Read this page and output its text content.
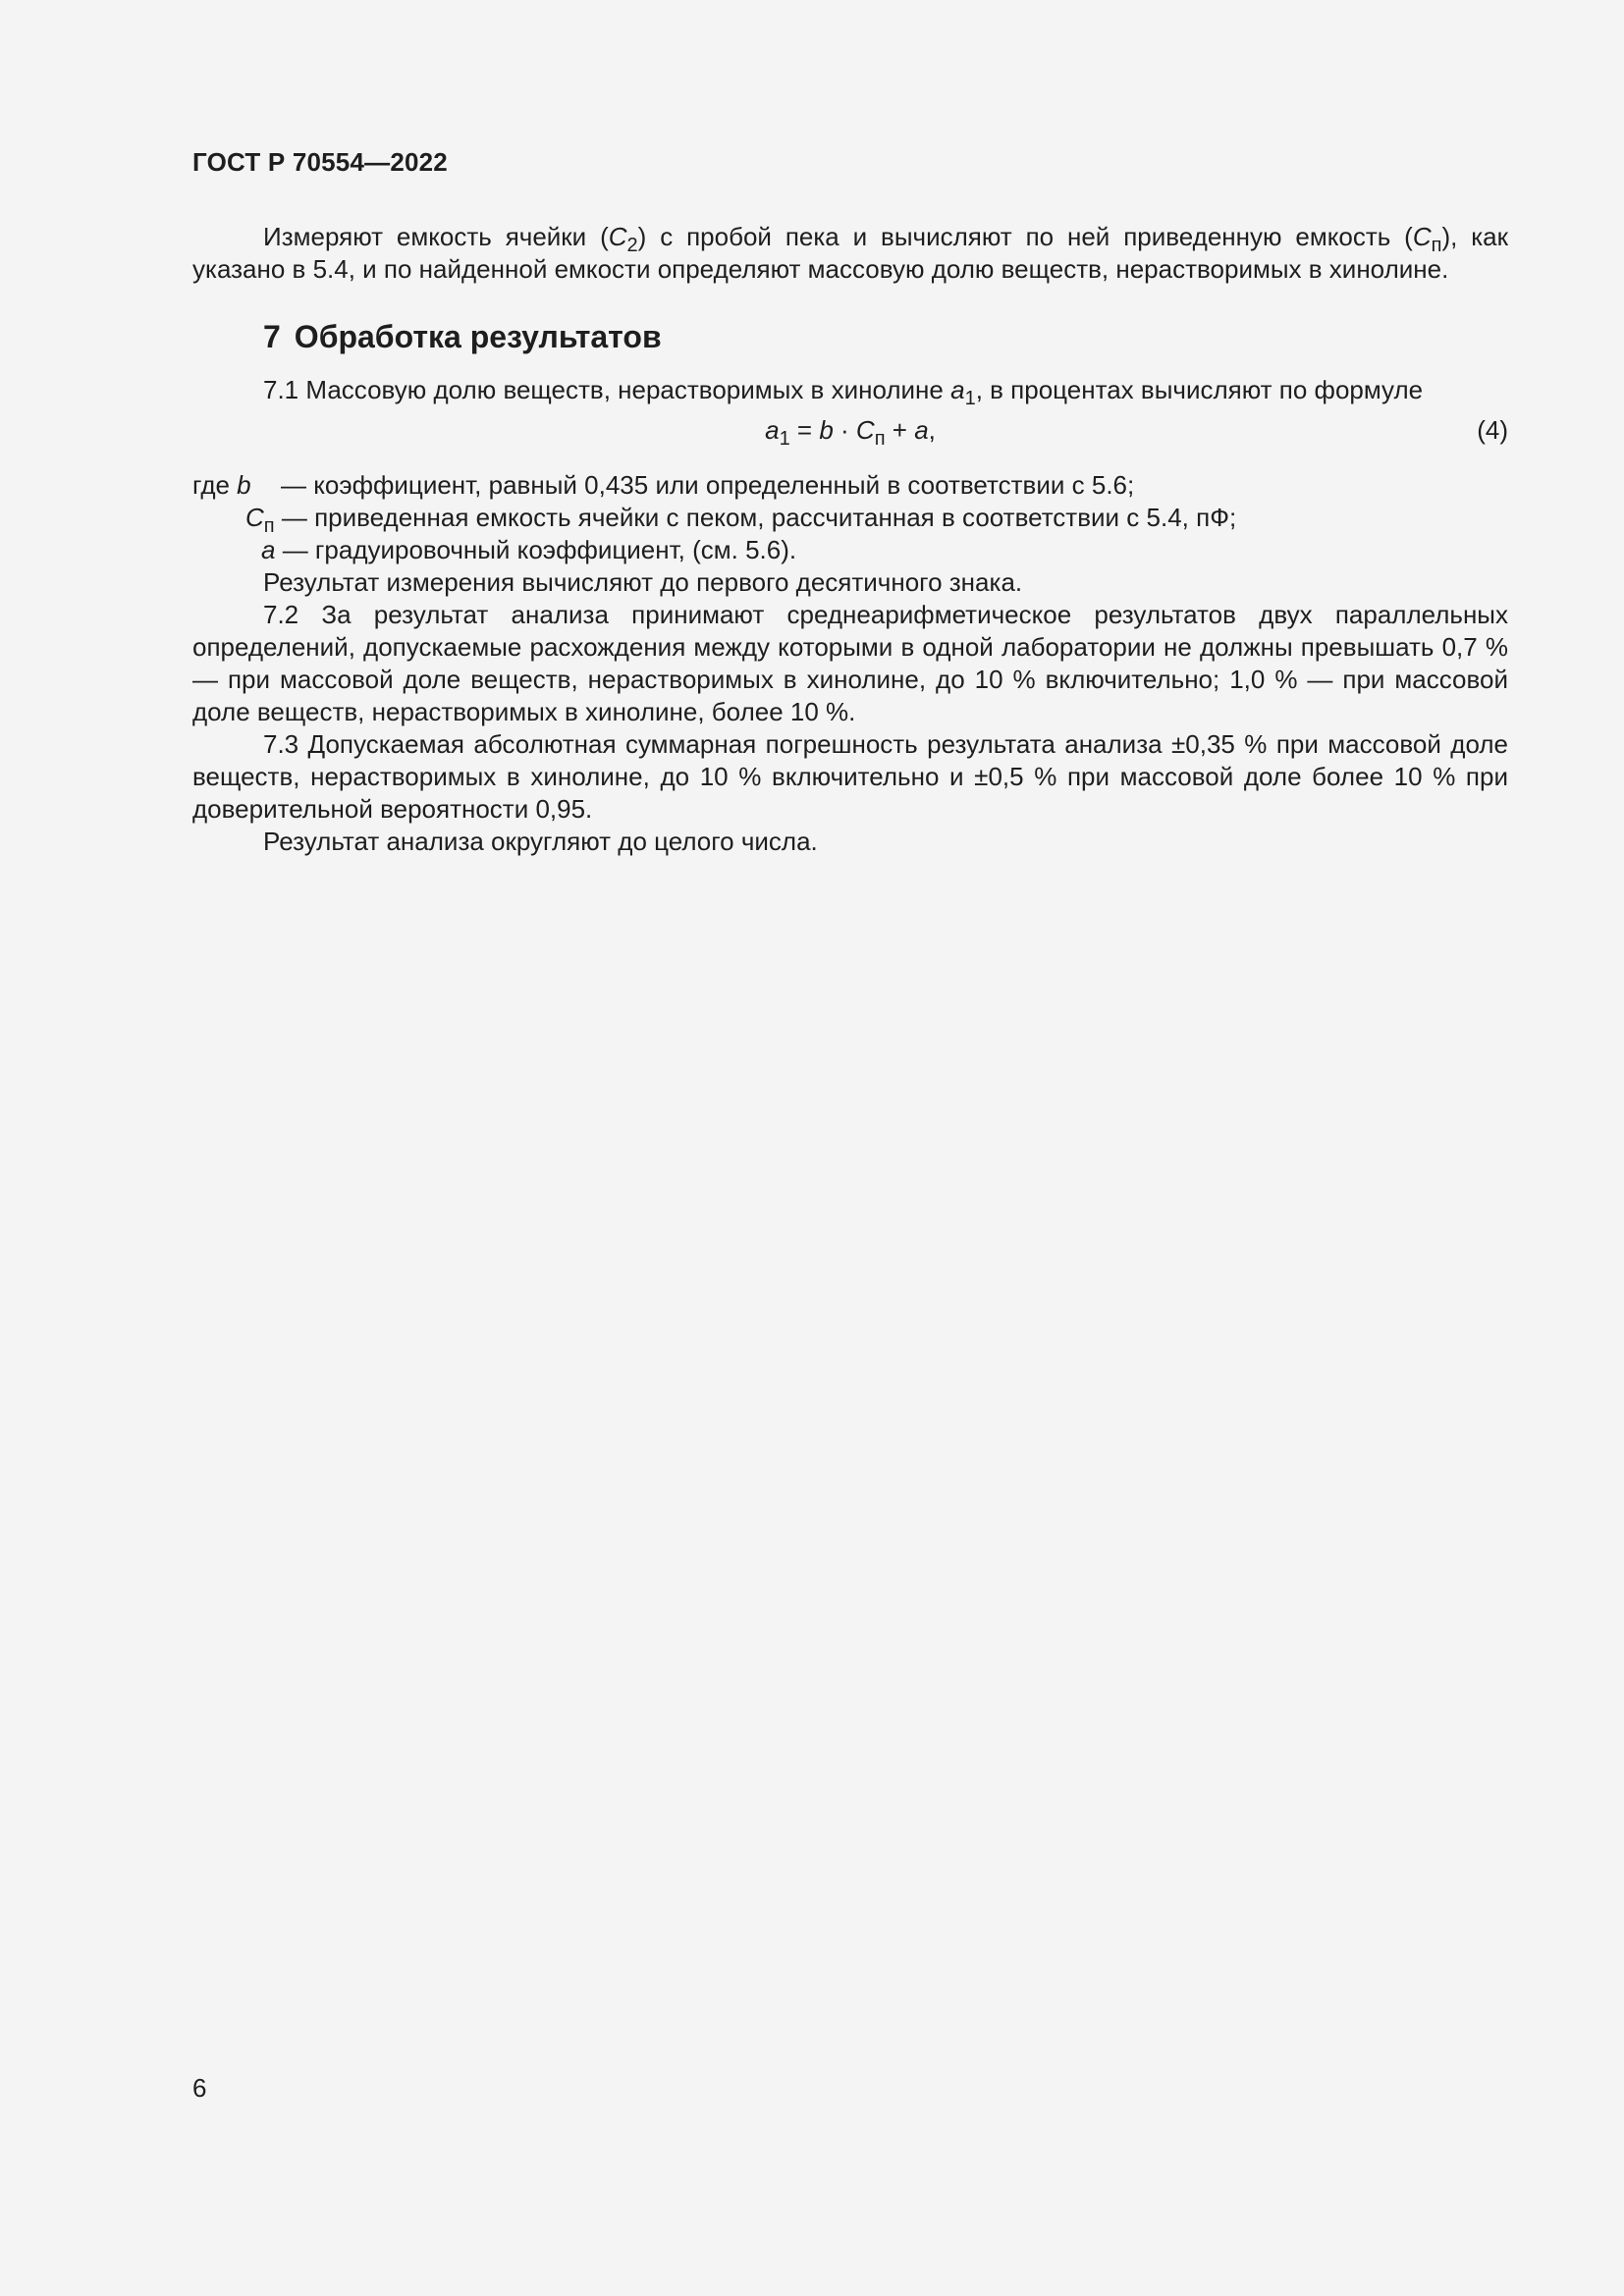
ГОСТ Р 70554—2022

Измеряют емкость ячейки $(C_2)$ с пробой пека и вычисляют по ней приведенную емкость $(C_п)$, как указано в 5.4, и по найденной емкости определяют массовую долю веществ, нерастворимых в хинолине.

7 Обработка результатов

7.1 Массовую долю веществ, нерастворимых в хинолине $a_1$, в процентах вычисляют по формуле

$a_1 = b \cdot C_п + a$,	(4)
где b — коэффициент, равный 0,435 или определенный в соответствии с 5.6;
$C_п$ — приведенная емкость ячейки с пеком, рассчитанная в соответствии с 5.4, пФ;
a — градуировочный коэффициент, (см. 5.6).

Результат измерения вычисляют до первого десятичного знака.

7.2 За результат анализа принимают среднеарифметическое результатов двух параллельных определений, допускаемые расхождения между которыми в одной лаборатории не должны превышать 0,7 % — при массовой доле веществ, нерастворимых в хинолине, до 10 % включительно; 1,0 % — при массовой доле веществ, нерастворимых в хинолине, более 10 %.

7.3 Допускаемая абсолютная суммарная погрешность результата анализа ±0,35 % при массовой доле веществ, нерастворимых в хинолине, до 10 % включительно и ±0,5 % при массовой доле более 10 % при доверительной вероятности 0,95.

Результат анализа округляют до целого числа.

6
